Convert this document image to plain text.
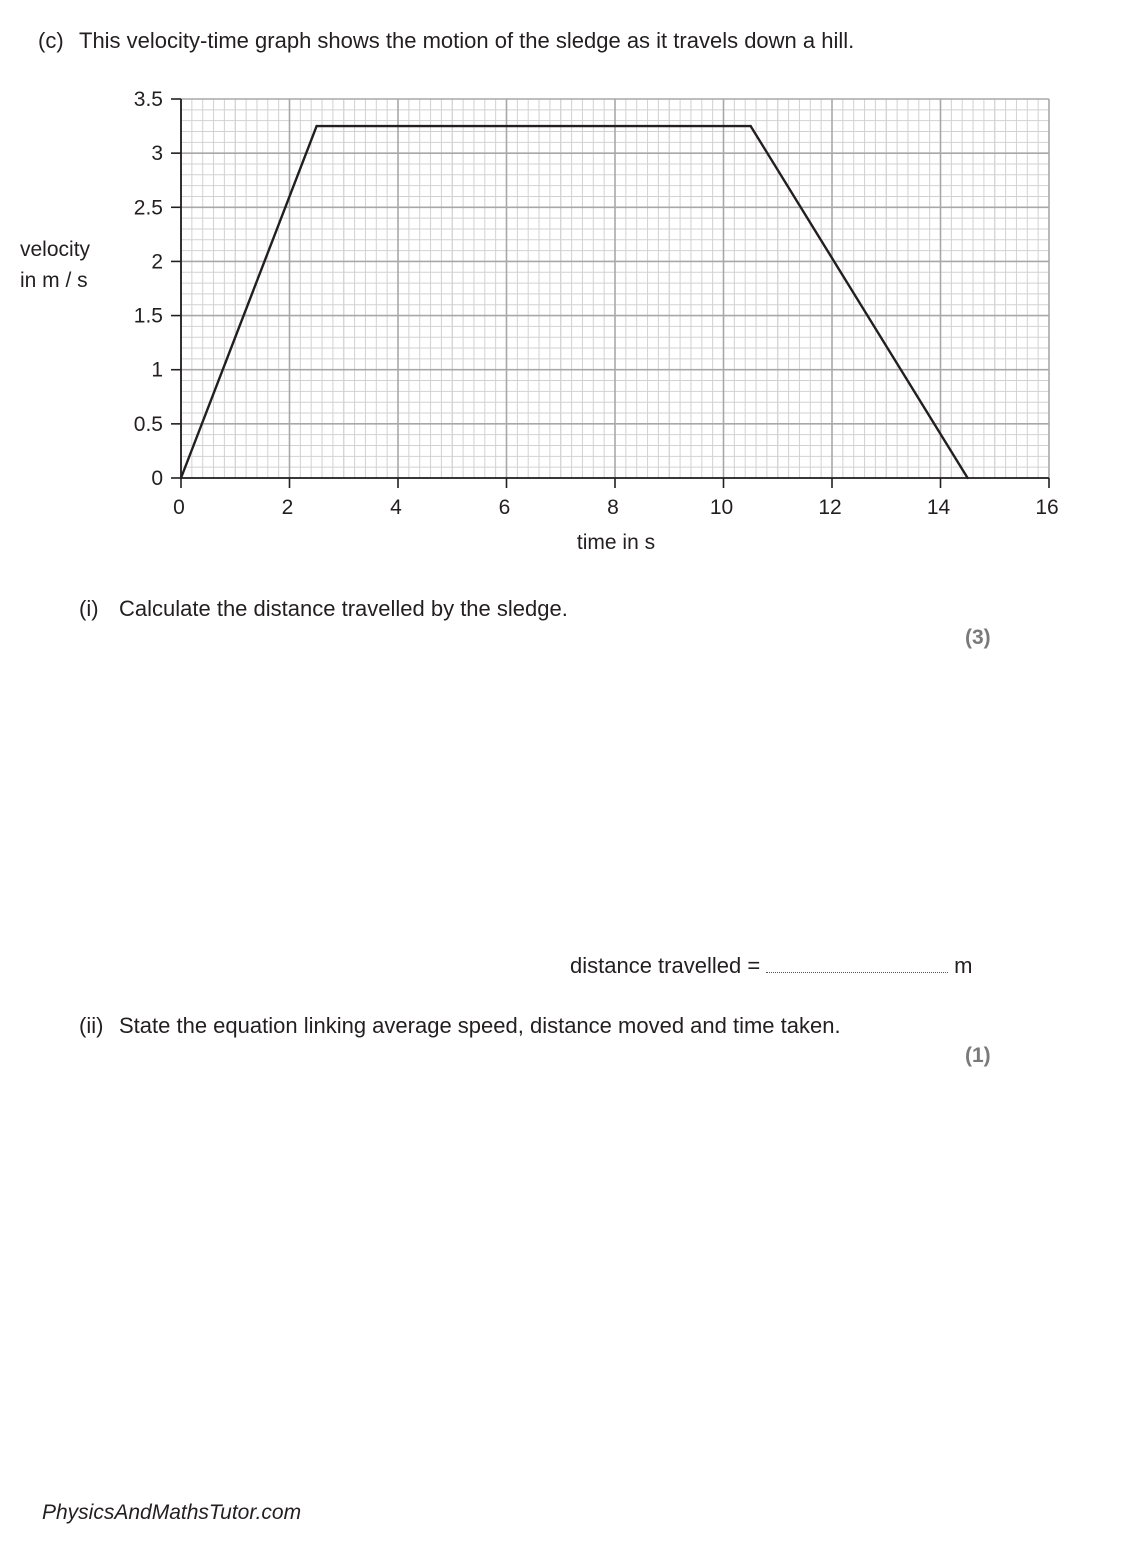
(c) This velocity-time graph shows the motion of the sledge as it travels down a hill.
0
0.5
1
1.5
2
2.5
3
3.5
0	2	4	6	8	10	12	14	16
velocity
in m / s
time in s
(i) Calculate the distance travelled by the sledge.
(3)
distance travelled =	m
(ii) State the equation linking average speed, distance moved and time taken.
(1)
PhysicsAndMathsTutor.com
